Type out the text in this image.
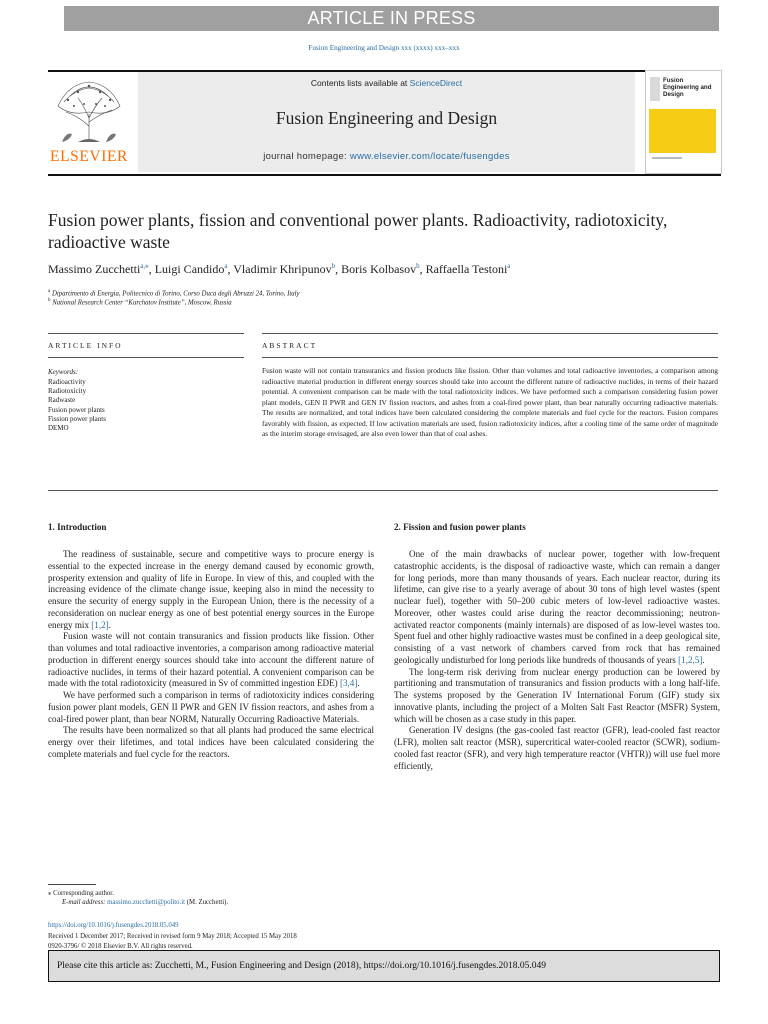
ARTICLE IN PRESS
Fusion Engineering and Design xxx (xxxx) xxx–xxx
ELSEVIER
Contents lists available at ScienceDirect
Fusion Engineering and Design
journal homepage: www.elsevier.com/locate/fusengdes
Fusion Engineering and Design
Fusion power plants, fission and conventional power plants. Radioactivity, radiotoxicity, radioactive waste
Massimo Zucchetti$^{a,⁎}$, Luigi Candido$^a$, Vladimir Khripunov$^b$, Boris Kolbasov$^b$, Raffaella Testoni$^a$
$^a$ Dipartimento di Energia, Politecnico di Torino, Corso Duca degli Abruzzi 24, Torino, Italy
$^b$ National Research Center “Kurchatov Institute”, Moscow, Russia
ARTICLE INFO	ABSTRACT
Keywords:
Radioactivity
Radiotoxicity
Radwaste
Fusion power plants
Fission power plants
DEMO
Fusion waste will not contain transuranics and fission products like fission. Other than volumes and total radioactive inventories, a comparison among radioactive material production in different energy sources should take into account the different nature of radioactive nuclides, in terms of their hazard potential. A convenient comparison can be made with the total radiotoxicity indices. We have performed such a comparison considering fusion power plant models, GEN II PWR and GEN IV fission reactors, and ashes from a coal-fired power plant, than bear naturally occurring radioactive materials. The results are normalized, and total indices have been calculated considering the complete materials and fuel cycle for the reactors. Fusion compares favorably with fission, as expected. If low activation materials are used, fusion radiotoxicity indices, after a cooling time of the same order of magnitude as the interim storage envisaged, are also even lower than that of coal ashes.
1. Introduction	2. Fission and fusion power plants

The readiness of sustainable, secure and competitive ways to procure energy is essential to the expected increase in the energy demand caused by economic growth, prosperity extension and quality of life in Europe. In view of this, and coupled with the increasing evidence of the climate change issue, keeping also in mind the necessity to ensure the security of energy supply in the European Union, there is the necessity of a reconsideration on nuclear energy as one of best potential energy sources in the Europe energy mix [1,2].

Fusion waste will not contain transuranics and fission products like fission. Other than volumes and total radioactive inventories, a comparison among radioactive material production in different energy sources should take into account the different nature of radioactive nuclides, in terms of their hazard potential. A convenient comparison can be made with the total radiotoxicity (measured in Sv of committed ingestion EDE) [3,4].

We have performed such a comparison in terms of radiotoxicity indices considering fusion power plant models, GEN II PWR and GEN IV fission reactors, and ashes from a coal-fired power plant, than bear NORM, Naturally Occurring Radioactive Materials.

The results have been normalized so that all plants had produced the same electrical energy over their lifetimes, and total indices have been calculated considering the complete materials and fuel cycle for the reactors.

One of the main drawbacks of nuclear power, together with low-frequent catastrophic accidents, is the disposal of radioactive waste, which can remain a danger for long periods, more than many thousands of years. Each nuclear reactor, during its lifetime, can give rise to a yearly average of about 30 tons of high level wastes (spent nuclear fuel), together with 50–200 cubic meters of low-level radioactive wastes. Moreover, other wastes could arise during the reactor decommissioning; neutron-activated reactor components (mainly internals) are disposed of as low-level wastes too. Spent fuel and other highly radioactive wastes must be confined in a deep geological site, consisting of a vast network of chambers carved from rock that has remained geologically undisturbed for long periods like hundreds of thousands of years [1,2,5].

The long-term risk deriving from nuclear energy production can be lowered by partitioning and transmutation of transuranics and fission products with a long half-life. The systems proposed by the Generation IV International Forum (GIF) study six innovative plants, including the project of a Molten Salt Fast Reactor (MSFR) System, which will be chosen as a case study in this paper.

Generation IV designs (the gas-cooled fast reactor (GFR), lead-cooled fast reactor (LFR), molten salt reactor (MSR), supercritical water-cooled reactor (SCWR), sodium-cooled fast reactor (SFR), and very high temperature reactor (VHTR)) will use fuel more efficiently,

⁎ Corresponding author.
E-mail address: massimo.zucchetti@polito.it (M. Zucchetti).
https://doi.org/10.1016/j.fusengdes.2018.05.049
Received 1 December 2017; Received in revised form 9 May 2018; Accepted 15 May 2018
0920-3796/ © 2018 Elsevier B.V. All rights reserved.
Please cite this article as: Zucchetti, M., Fusion Engineering and Design (2018), https://doi.org/10.1016/j.fusengdes.2018.05.049
